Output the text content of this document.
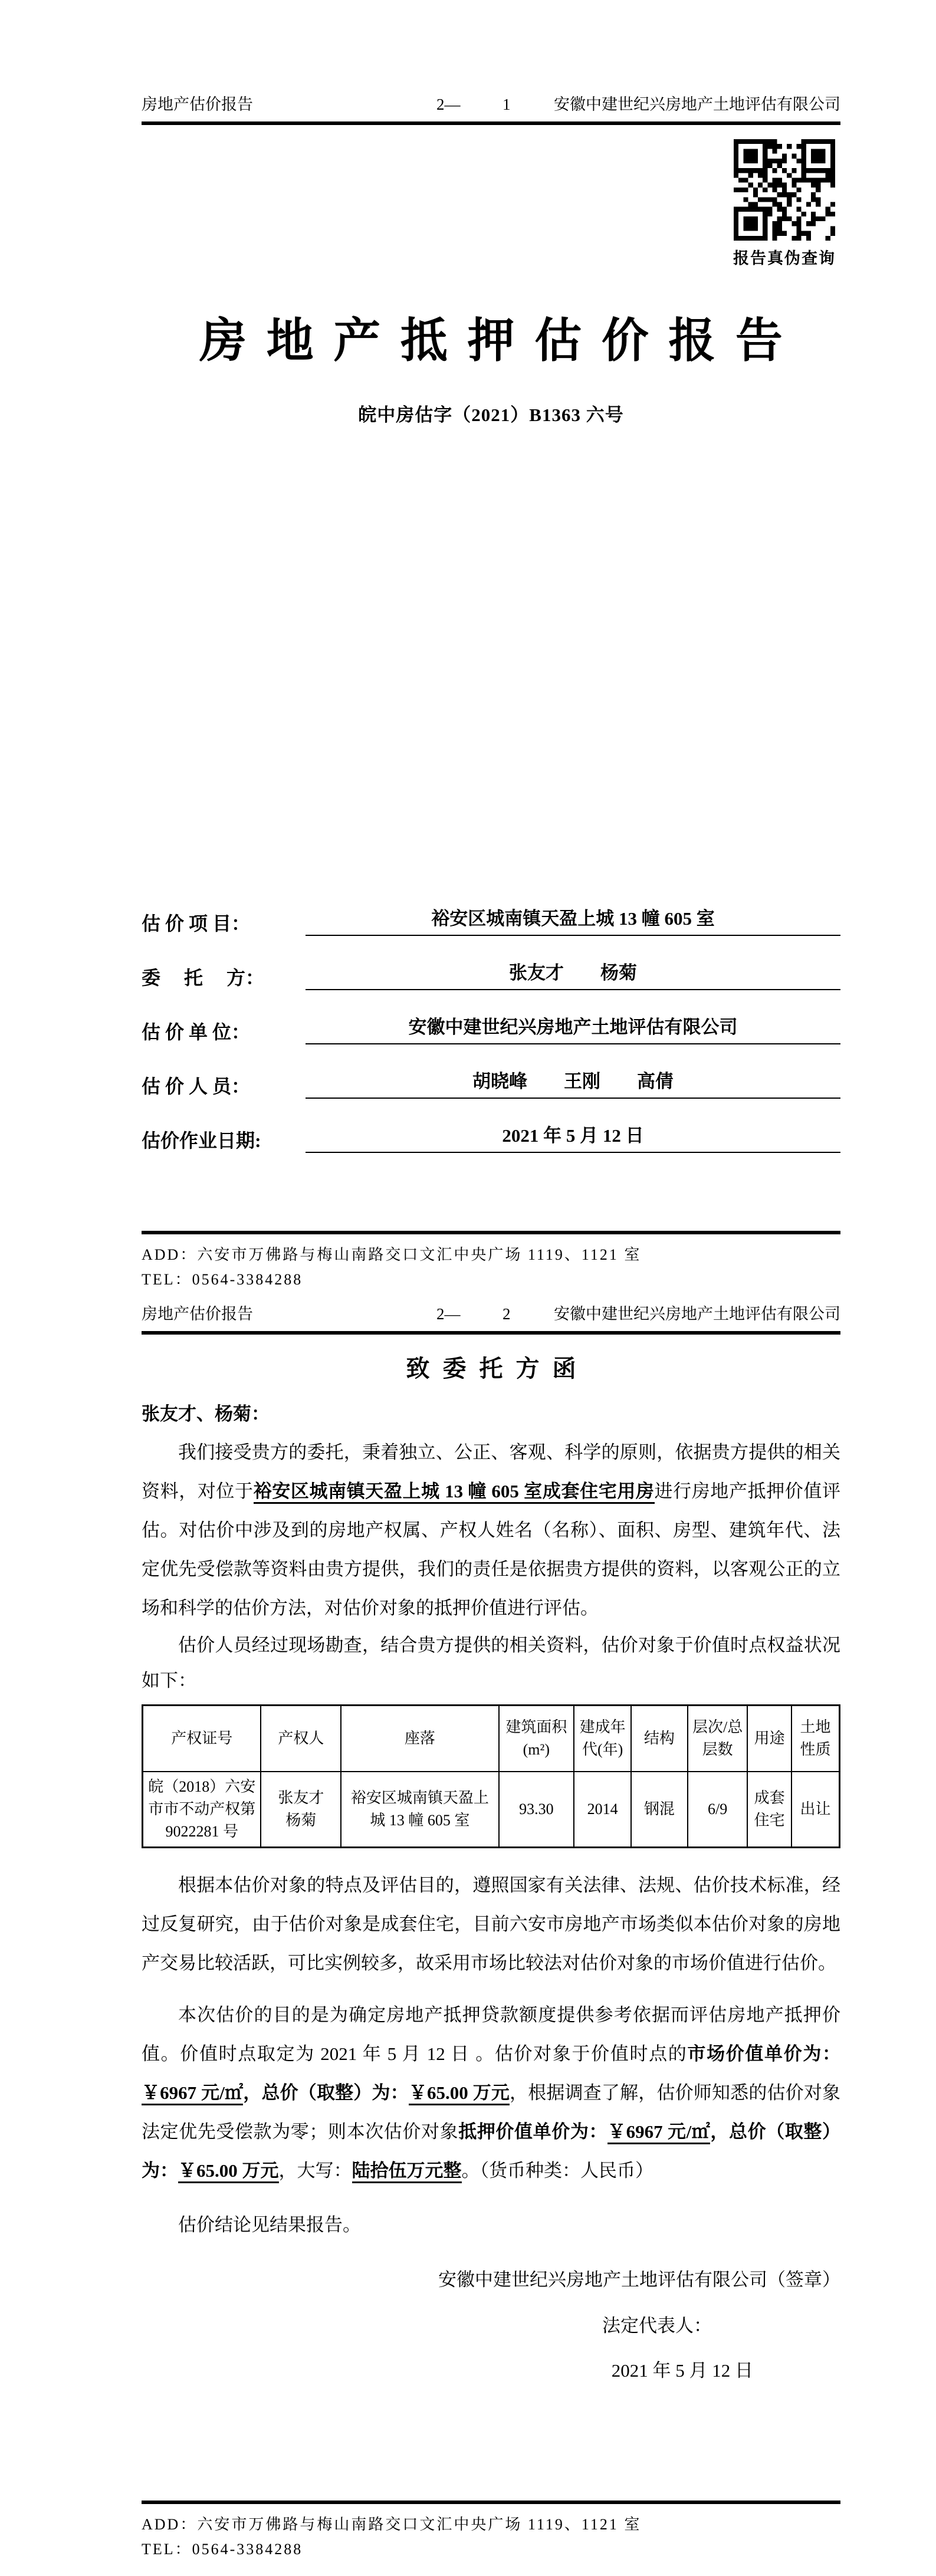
房地产估价报告	2—	1	安徽中建世纪兴房地产土地评估有限公司
报告真伪查询
房地产抵押估价报告
皖中房估字（2021）B1363 六号
估 价 项 目：	裕安区城南镇天盈上城 13 幢 605 室
委　 托 　方：	张友才　　杨菊
估 价 单 位：	安徽中建世纪兴房地产土地评估有限公司
估 价 人 员：	胡晓峰　　王刚　　高倩
估价作业日期:	2021 年 5 月 12 日
ADD：六安市万佛路与梅山南路交口文汇中央广场 1119、1121 室
TEL：0564-3384288
房地产估价报告	2—	2	安徽中建世纪兴房地产土地评估有限公司
致委托方函
张友才、杨菊：

我们接受贵方的委托，秉着独立、公正、客观、科学的原则，依据贵方提供的相关资料，对位于裕安区城南镇天盈上城 13 幢 605 室成套住宅用房进行房地产抵押价值评估。对估价中涉及到的房地产权属、产权人姓名（名称）、面积、房型、建筑年代、法定优先受偿款等资料由贵方提供，我们的责任是依据贵方提供的资料，以客观公正的立场和科学的估价方法，对估价对象的抵押价值进行评估。

估价人员经过现场勘查，结合贵方提供的相关资料，估价对象于价值时点权益状况如下：

产权证号	产权人	座落	建筑面积(m²)	建成年代(年)	结构	层次/总层数	用途	土地性质
皖（2018）六安市市不动产权第 9022281 号	张友才　杨菊	裕安区城南镇天盈上城 13 幢 605 室	93.30	2014	钢混	6/9	成套住宅	出让

根据本估价对象的特点及评估目的，遵照国家有关法律、法规、估价技术标准，经过反复研究，由于估价对象是成套住宅，目前六安市房地产市场类似本估价对象的房地产交易比较活跃，可比实例较多，故采用市场比较法对估价对象的市场价值进行估价。

本次估价的目的是为确定房地产抵押贷款额度提供参考依据而评估房地产抵押价值。价值时点取定为 2021 年 5 月 12 日 。估价对象于价值时点的市场价值单价为：￥6967 元/㎡，总价（取整）为：￥65.00 万元，根据调查了解，估价师知悉的估价对象法定优先受偿款为零；则本次估价对象抵押价值单价为：￥6967 元/㎡，总价（取整）为：￥65.00 万元，大写：陆拾伍万元整。（货币种类：人民币）

估价结论见结果报告。

安徽中建世纪兴房地产土地评估有限公司（签章）
法定代表人：
2021 年 5 月 12 日
ADD：六安市万佛路与梅山南路交口文汇中央广场 1119、1121 室
TEL：0564-3384288
